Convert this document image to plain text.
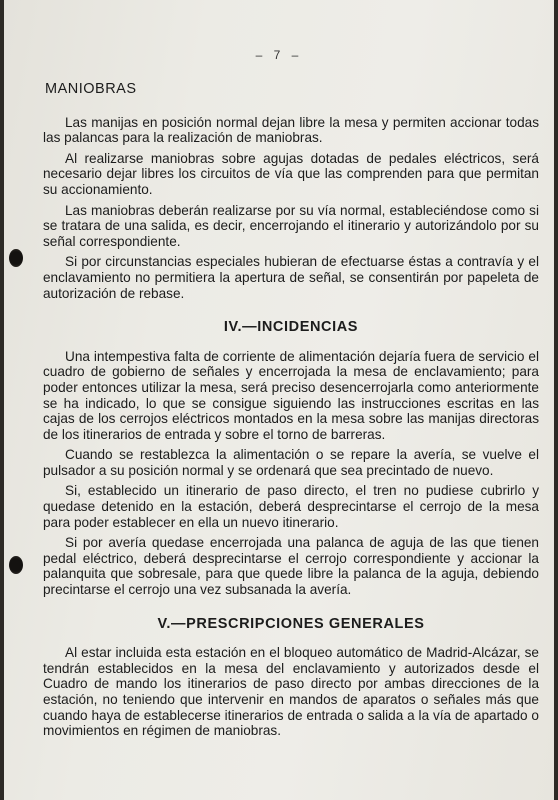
– 7 –
MANIOBRAS

Las manijas en posición normal dejan libre la mesa y permiten accionar todas las palancas para la realización de maniobras.

Al realizarse maniobras sobre agujas dotadas de pedales eléctricos, será necesario dejar libres los circuitos de vía que las comprenden para que permitan su accionamiento.

Las maniobras deberán realizarse por su vía normal, estableciéndose como si se tratara de una salida, es decir, encerrojando el itinerario y autorizándolo por su señal correspondiente.

Si por circunstancias especiales hubieran de efectuarse éstas a contravía y el enclavamiento no permitiera la apertura de señal, se consentirán por papeleta de autorización de rebase.

IV.—INCIDENCIAS

Una intempestiva falta de corriente de alimentación dejaría fuera de servicio el cuadro de gobierno de señales y encerrojada la mesa de enclavamiento; para poder entonces utilizar la mesa, será preciso desencerrojarla como anteriormente se ha indicado, lo que se consigue siguiendo las instrucciones escritas en las cajas de los cerrojos eléctricos montados en la mesa sobre las manijas directoras de los itinerarios de entrada y sobre el torno de barreras.

Cuando se restablezca la alimentación o se repare la avería, se vuelve el pulsador a su posición normal y se ordenará que sea precintado de nuevo.

Si, establecido un itinerario de paso directo, el tren no pudiese cubrirlo y quedase detenido en la estación, deberá desprecintarse el cerrojo de la mesa para poder establecer en ella un nuevo itinerario.

Si por avería quedase encerrojada una palanca de aguja de las que tienen pedal eléctrico, deberá desprecintarse el cerrojo correspondiente y accionar la palanquita que sobresale, para que quede libre la palanca de la aguja, debiendo precintarse el cerrojo una vez subsanada la avería.

V.—PRESCRIPCIONES GENERALES

Al estar incluida esta estación en el bloqueo automático de Madrid-Alcázar, se tendrán establecidos en la mesa del enclavamiento y autorizados desde el Cuadro de mando los itinerarios de paso directo por ambas direcciones de la estación, no teniendo que intervenir en mandos de aparatos o señales más que cuando haya de establecerse itinerarios de entrada o salida a la vía de apartado o movimientos en régimen de maniobras.
